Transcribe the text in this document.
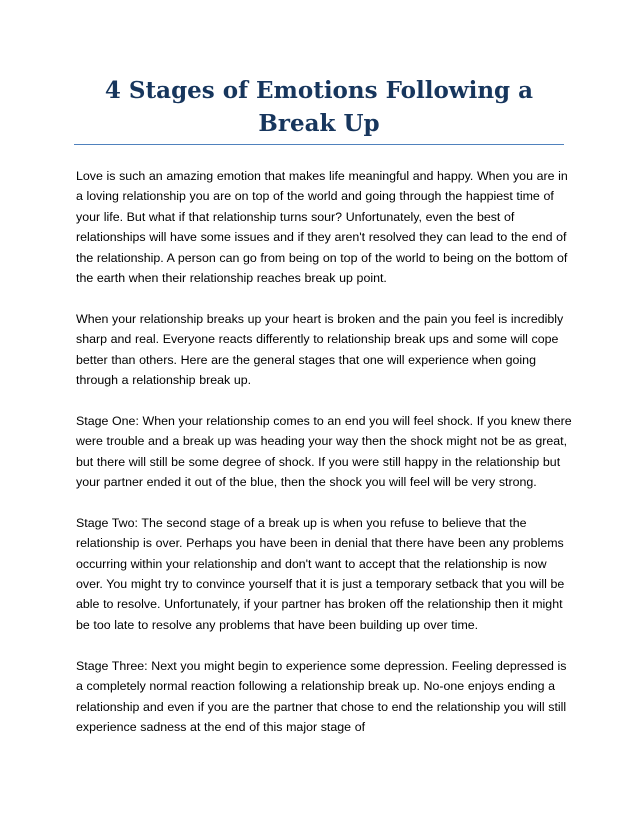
4 Stages of Emotions Following a Break Up

Love is such an amazing emotion that makes life meaningful and happy. When you are in a loving relationship you are on top of the world and going through the happiest time of your life. But what if that relationship turns sour? Unfortunately, even the best of relationships will have some issues and if they aren't resolved they can lead to the end of the relationship. A person can go from being on top of the world to being on the bottom of the earth when their relationship reaches break up point.

When your relationship breaks up your heart is broken and the pain you feel is incredibly sharp and real. Everyone reacts differently to relationship break ups and some will cope better than others. Here are the general stages that one will experience when going through a relationship break up.

Stage One: When your relationship comes to an end you will feel shock. If you knew there were trouble and a break up was heading your way then the shock might not be as great, but there will still be some degree of shock. If you were still happy in the relationship but your partner ended it out of the blue, then the shock you will feel will be very strong.

Stage Two: The second stage of a break up is when you refuse to believe that the relationship is over. Perhaps you have been in denial that there have been any problems occurring within your relationship and don't want to accept that the relationship is now over. You might try to convince yourself that it is just a temporary setback that you will be able to resolve. Unfortunately, if your partner has broken off the relationship then it might be too late to resolve any problems that have been building up over time.

Stage Three: Next you might begin to experience some depression. Feeling depressed is a completely normal reaction following a relationship break up. No-one enjoys ending a relationship and even if you are the partner that chose to end the relationship you will still experience sadness at the end of this major stage of
